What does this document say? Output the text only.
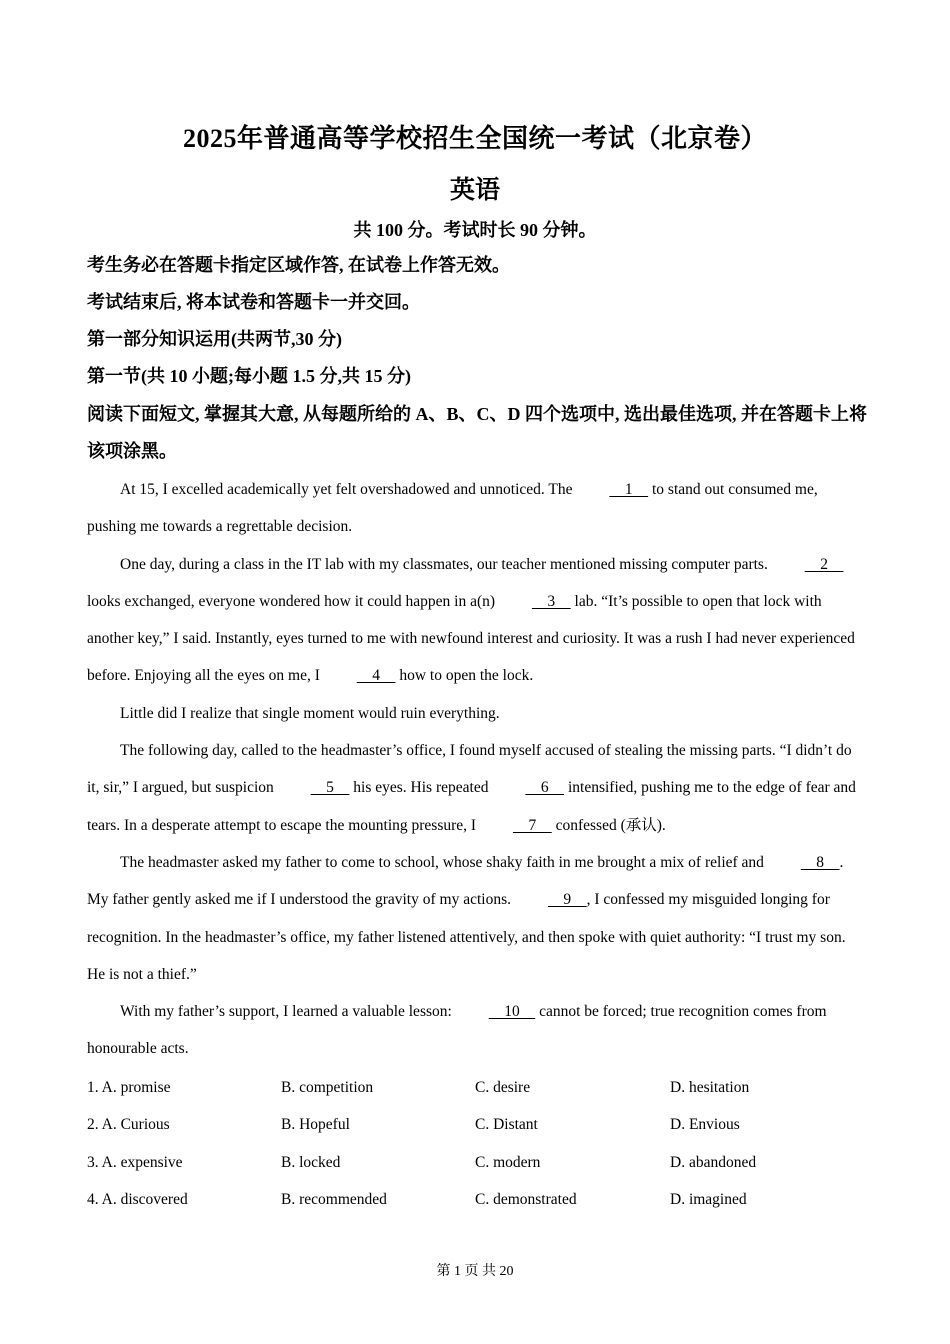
2025年普通高等学校招生全国统一考试（北京卷）
英语
共 100 分。考试时长 90 分钟。
考生务必在答题卡指定区域作答, 在试卷上作答无效。
考试结束后, 将本试卷和答题卡一并交回。
第一部分知识运用(共两节,30 分)
第一节(共 10 小题;每小题 1.5 分,共 15 分)
阅读下面短文, 掌握其大意, 从每题所给的 A、B、C、D 四个选项中, 选出最佳选项, 并在答题卡上将该项涂黑。

At 15, I excelled academically yet felt overshadowed and unnoticed. The     1     to stand out consumed me, pushing me towards a regrettable decision.

One day, during a class in the IT lab with my classmates, our teacher mentioned missing computer parts.     2     looks exchanged, everyone wondered how it could happen in a(n)     3     lab. “It’s possible to open that lock with another key,” I said. Instantly, eyes turned to me with newfound interest and curiosity. It was a rush I had never experienced before. Enjoying all the eyes on me, I     4     how to open the lock.

Little did I realize that single moment would ruin everything.

The following day, called to the headmaster’s office, I found myself accused of stealing the missing parts. “I didn’t do it, sir,” I argued, but suspicion     5     his eyes. His repeated     6     intensified, pushing me to the edge of fear and tears. In a desperate attempt to escape the mounting pressure, I     7     confessed (承认).

The headmaster asked my father to come to school, whose shaky faith in me brought a mix of relief and     8    . My father gently asked me if I understood the gravity of my actions.     9    , I confessed my misguided longing for recognition. In the headmaster’s office, my father listened attentively, and then spoke with quiet authority: “I trust my son. He is not a thief.”

With my father’s support, I learned a valuable lesson:     10     cannot be forced; true recognition comes from honourable acts.

1. A. promise	B. competition	C. desire	D. hesitation
2. A. Curious	B. Hopeful	C. Distant	D. Envious
3. A. expensive	B. locked	C. modern	D. abandoned
4. A. discovered	B. recommended	C. demonstrated	D. imagined
第 1 页 共 20
